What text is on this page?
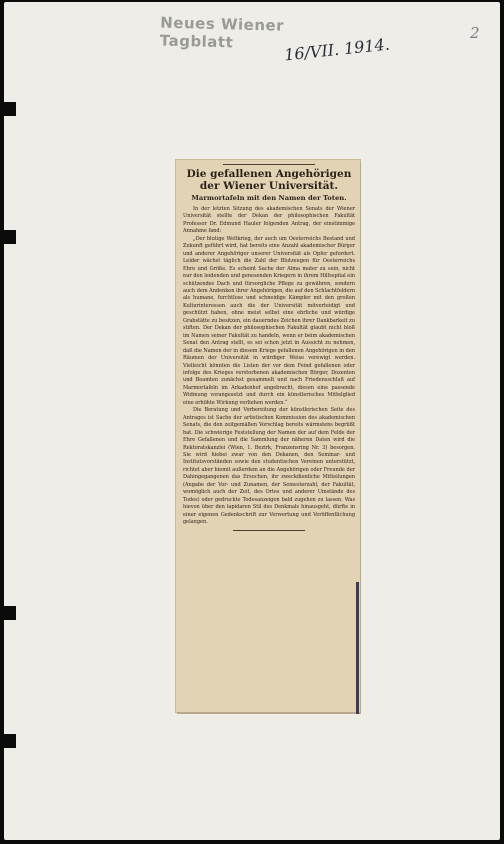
Neues Wiener Tagblatt	16/VII. 1914.
2
Die gefallenen Angehörigen der Wiener Universität.
Marmortafeln mit den Namen der Toten.

In der letzten Sitzung des akademischen Senats der Wiener Universität stellte der Dekan der philosophischen Fakultät Professor Dr. Edmund Hauler folgenden Antrag, der einstimmige Annahme fand:

„Der blutige Weltkrieg, der auch um Oesterreichs Bestand und Zukunft geführt wird, hat bereits eine Anzahl akademischer Bürger und anderer Angehöriger unserer Universität als Opfer gefordert. Leider wächst täglich die Zahl der Blutzeugen für Oesterreichs Ehre und Größe. Es scheint Sache der Alma mater zu sein, nicht nur den leidenden und genesenden Kriegern in ihrem Hilfsspital ein schützendes Dach und fürsorgliche Pflege zu gewähren, sondern auch dem Andenken ihrer Angehörigen, die auf den Schlachtfeldern als humane, furchtlose und schneidige Kämpfer mit den großen Kulturinteressen auch die der Universität mitverteidigt und geschützt haben, ohne meist selbst eine ehrliche und würdige Grabstätte zu besitzen, ein dauerndes Zeichen ihrer Dankbarkeit zu stiften. Der Dekan der philosophischen Fakultät glaubt nicht bloß im Namen seiner Fakultät zu handeln, wenn er beim akademischen Senat den Antrag stellt, es sei schon jetzt in Aussicht zu nehmen, daß die Namen der in diesem Kriege gefallenen Angehörigen in den Räumen der Universität in würdiger Weise verewigt werden. Vielleicht könnten die Listen der vor dem Feind gefallenen oder infolge des Krieges verstorbenen akademischen Bürger, Dozenten und Beamten zunächst gesammelt und nach Friedensschluß auf Marmortafeln im Arkadenhof angebracht, diesen eine passende Widmung vorangesetzt und durch ein künstlerisches Mittelglied eine erhöhte Wirkung verliehen werden.“

Die Beratung und Vorbereitung der künstlerischen Seite des Antrages ist Sache der artistischen Kommission des akademischen Senats, die den zeitgemäßen Vorschlag bereits wärmstens begrüßt hat. Die schwierige Feststellung der Namen der auf dem Felde der Ehre Gefallenen und die Sammlung der näheren Daten wird die Rektoratskanzlei (Wien, 1. Bezirk, Franzensring Nr. 3) besorgen. Sie wird hiebei zwar von den Dekanen, den Seminar- und Institutsvorständen sowie den studentischen Vereinen unterstützt, richtet aber hiemit außerdem an die Angehörigen oder Freunde der Dahingegangenen das Ersuchen, ihr zweckdienliche Mitteilungen (Angabe der Vor- und Zunamen, der Semesterzahl, der Fakultät, womöglich auch der Zeit, des Ortes und anderer Umstände des Todes) oder gedruckte Todesanzeigen bald zugehen zu lassen. Was hievon über den lapidaren Stil des Denkmals hinausgeht, dürfte in einer eigenen Gedenkschrift zur Verwertung und Veröffentlichung gelangen.
